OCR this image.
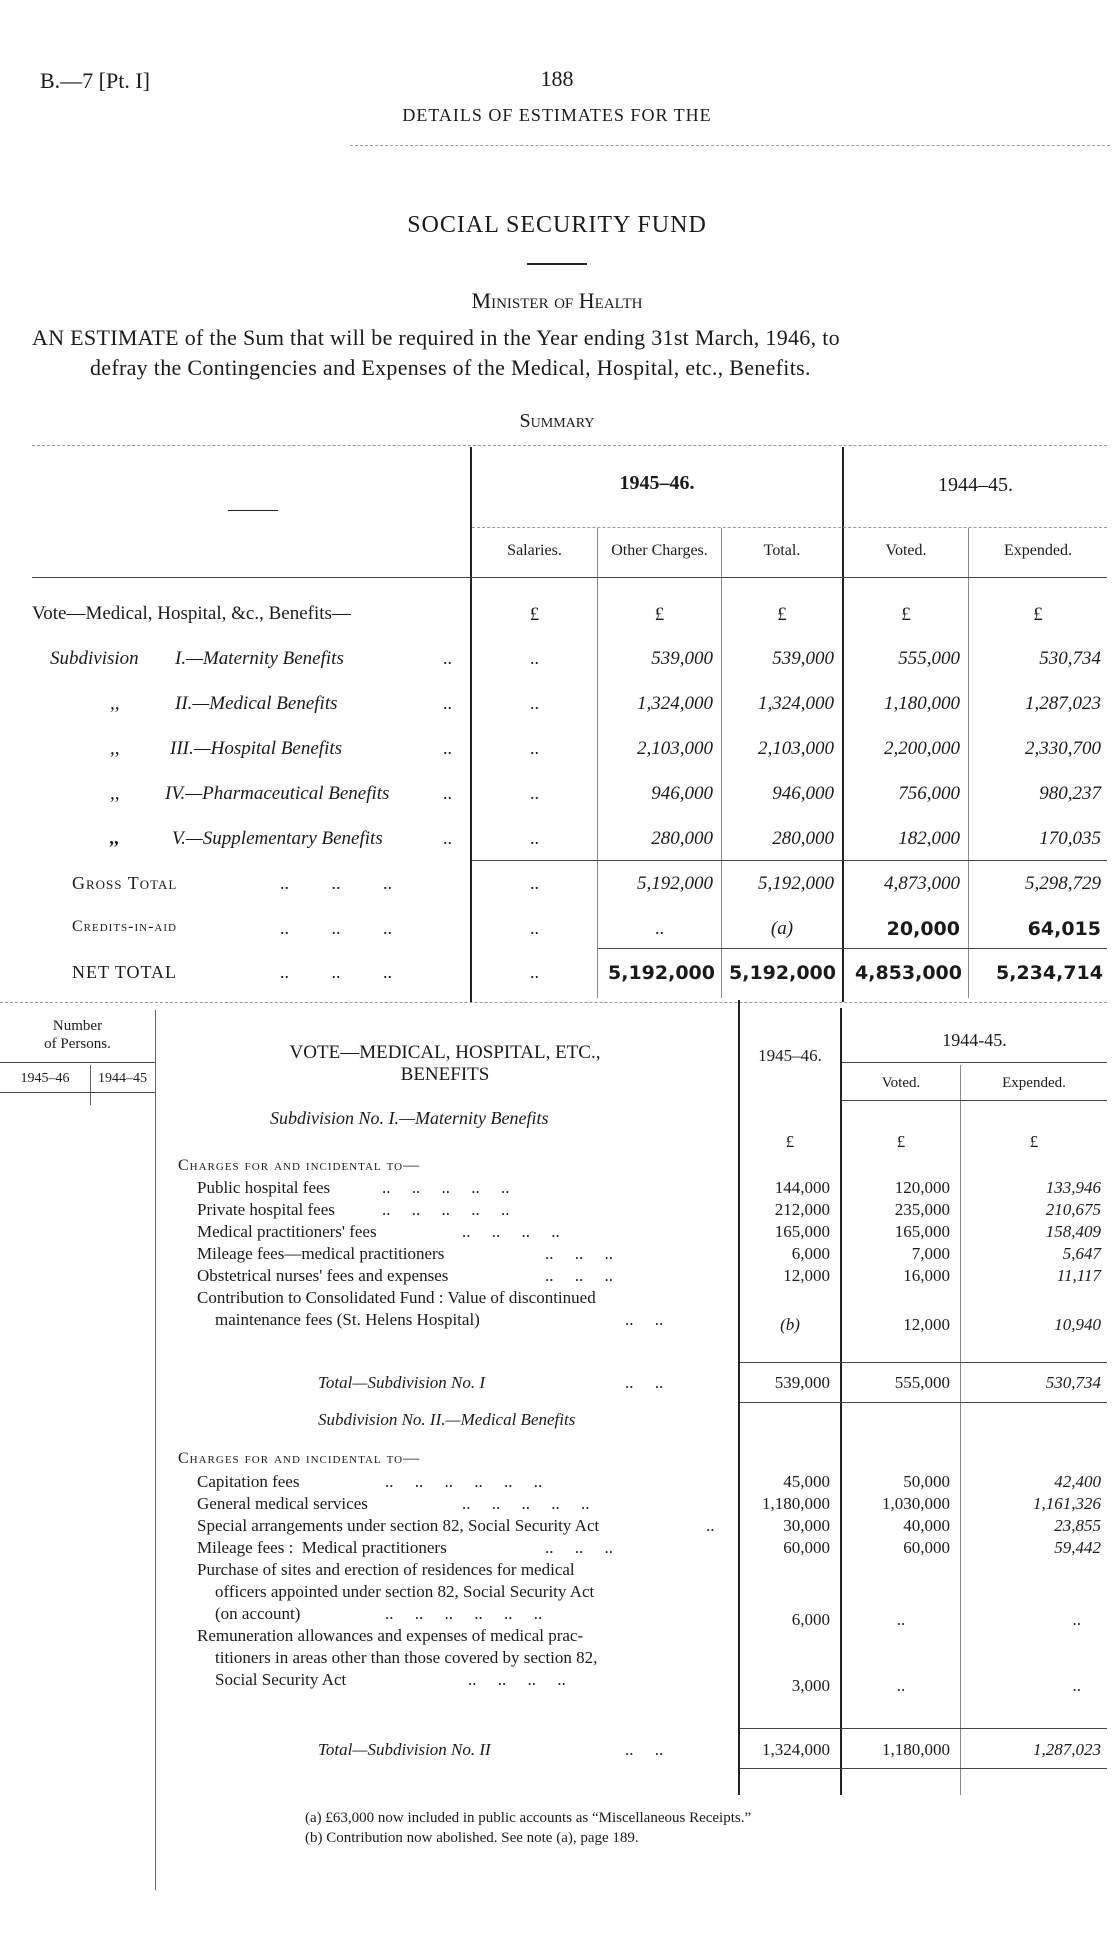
B.—7 [Pt. I]	188
DETAILS OF ESTIMATES FOR THE
SOCIAL SECURITY FUND
Minister of Health
AN ESTIMATE of the Sum that will be required in the Year ending 31st March, 1946, to
defray the Contingencies and Expenses of the Medical, Hospital, etc., Benefits.
Summary
1945–46.	1944–45.
Salaries.	Other Charges.	Total.	Voted.	Expended.
Vote—Medical, Hospital, &c., Benefits—	£	£	£	£	£
Subdivision I.—Maternity Benefits	..	..	539,000	539,000	555,000	530,734
,,	II.—Medical Benefits	..	..	1,324,000	1,324,000	1,180,000	1,287,023
,,	III.—Hospital Benefits	..	..	2,103,000	2,103,000	2,200,000	2,330,700
,, IV.—Pharmaceutical Benefits	..	..	946,000	946,000	756,000	980,237
,,	V.—Supplementary Benefits	..	..	280,000	280,000	182,000	170,035
Gross Total	.. .. ..	..	5,192,000	5,192,000	4,873,000	5,298,729
Credits-in-aid	.. .. ..	..	..	(a)	20,000	64,015
NET TOTAL	.. .. ..	..	5,192,000 5,192,000	4,853,000	5,234,714
Number
of Persons.
1945–46	1944–45
VOTE—MEDICAL, HOSPITAL, ETC.,
BENEFITS
1945–46.
1944-45.
Voted.	Expended.
Subdivision No. I.—Maternity Benefits
£	£	£
Charges for and incidental to—
Public hospital fees	..     ..     ..     ..     ..	144,000	120,000	133,946
Private hospital fees	..     ..     ..     ..     ..	212,000	235,000	210,675
Medical practitioners' fees	..     ..     ..     ..	165,000	165,000	158,409
Mileage fees—medical practitioners	..     ..     ..	6,000	7,000	5,647
Obstetrical nurses' fees and expenses	..     ..     ..	12,000	16,000	11,117
Contribution to Consolidated Fund : Value of discontinued
maintenance fees (St. Helens Hospital)	..     ..	(b)	12,000	10,940
Total—Subdivision No. I	..     ..	539,000	555,000	530,734
Subdivision No. II.—Medical Benefits
Charges for and incidental to—
Capitation fees	..     ..     ..     ..     ..     ..	45,000	50,000	42,400
General medical services	..     ..     ..     ..     ..	1,180,000	1,030,000	1,161,326
Special arrangements under section 82, Social Security Act	..	30,000	40,000	23,855
Mileage fees :  Medical practitioners	..     ..     ..	60,000	60,000	59,442
Purchase of sites and erection of residences for medical
officers appointed under section 82, Social Security Act
(on account)	..     ..     ..     ..     ..     ..	6,000	..	..
Remuneration allowances and expenses of medical prac-
titioners in areas other than those covered by section 82,
Social Security Act	..     ..     ..     ..	3,000	..	..
Total—Subdivision No. II	..     ..	1,324,000	1,180,000	1,287,023
(a) £63,000 now included in public accounts as “Miscellaneous Receipts.”
(b) Contribution now abolished. See note (a), page 189.
